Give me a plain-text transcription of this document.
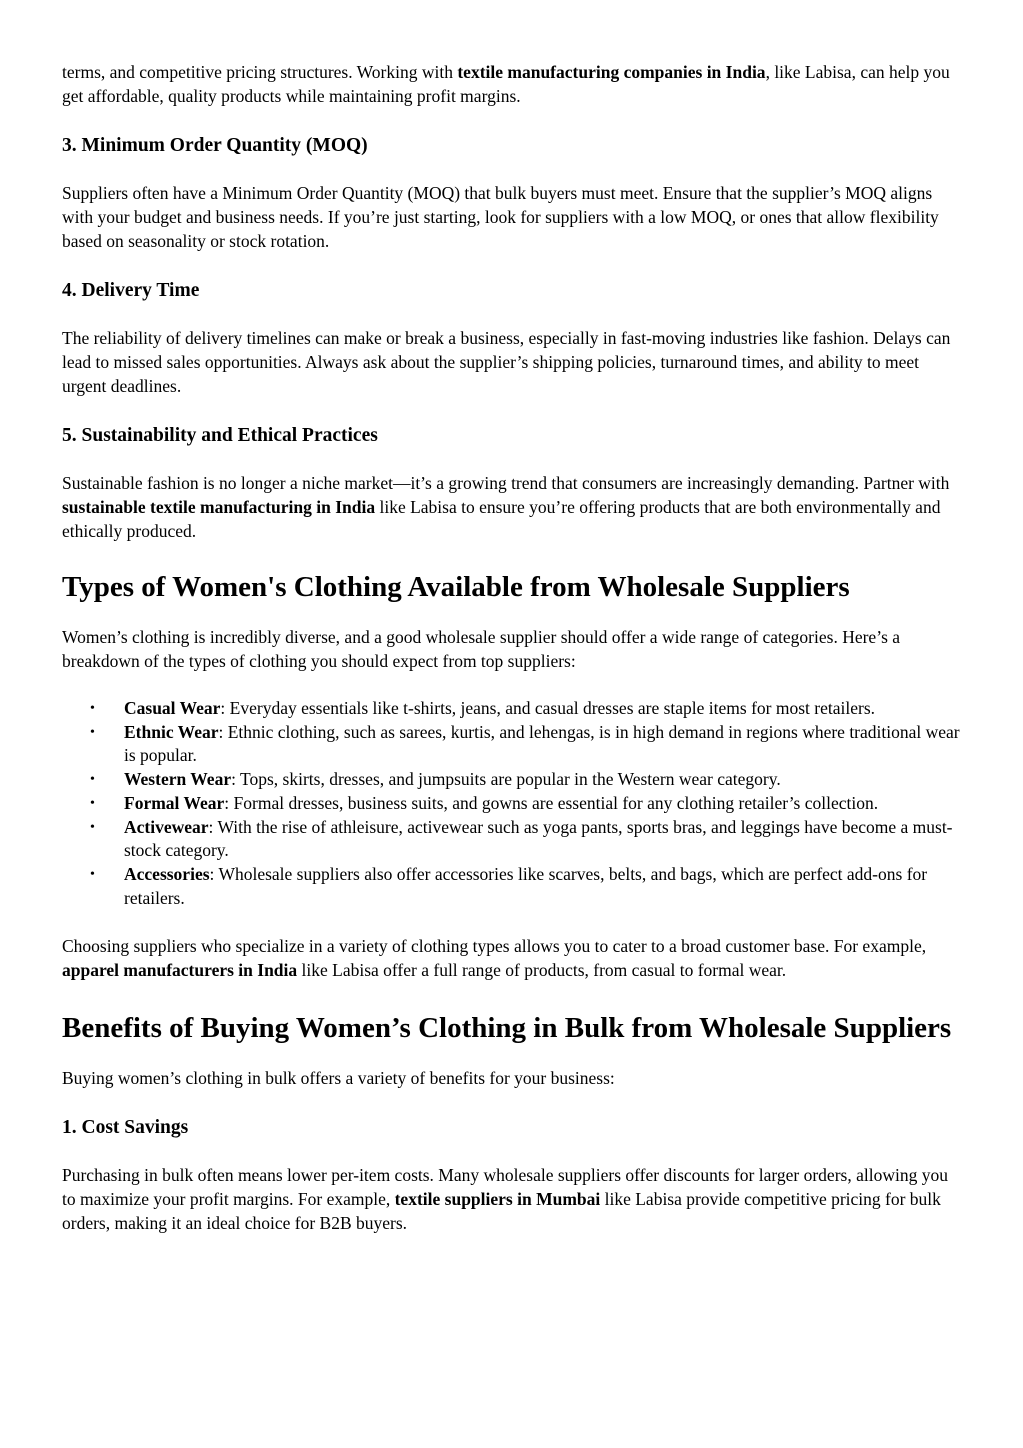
terms, and competitive pricing structures. Working with textile manufacturing companies in India, like Labisa, can help you get affordable, quality products while maintaining profit margins.

3. Minimum Order Quantity (MOQ)

Suppliers often have a Minimum Order Quantity (MOQ) that bulk buyers must meet. Ensure that the supplier’s MOQ aligns with your budget and business needs. If you’re just starting, look for suppliers with a low MOQ, or ones that allow flexibility based on seasonality or stock rotation.

4. Delivery Time

The reliability of delivery timelines can make or break a business, especially in fast-moving industries like fashion. Delays can lead to missed sales opportunities. Always ask about the supplier’s shipping policies, turnaround times, and ability to meet urgent deadlines.

5. Sustainability and Ethical Practices

Sustainable fashion is no longer a niche market—it’s a growing trend that consumers are increasingly demanding. Partner with sustainable textile manufacturing in India like Labisa to ensure you’re offering products that are both environmentally and ethically produced.

Types of Women's Clothing Available from Wholesale Suppliers

Women’s clothing is incredibly diverse, and a good wholesale supplier should offer a wide range of categories. Here’s a breakdown of the types of clothing you should expect from top suppliers:

• Casual Wear: Everyday essentials like t-shirts, jeans, and casual dresses are staple items for most retailers.
• Ethnic Wear: Ethnic clothing, such as sarees, kurtis, and lehengas, is in high demand in regions where traditional wear is popular.
• Western Wear: Tops, skirts, dresses, and jumpsuits are popular in the Western wear category.
• Formal Wear: Formal dresses, business suits, and gowns are essential for any clothing retailer’s collection.
• Activewear: With the rise of athleisure, activewear such as yoga pants, sports bras, and leggings have become a must-stock category.
• Accessories: Wholesale suppliers also offer accessories like scarves, belts, and bags, which are perfect add-ons for retailers.

Choosing suppliers who specialize in a variety of clothing types allows you to cater to a broad customer base. For example, apparel manufacturers in India like Labisa offer a full range of products, from casual to formal wear.

Benefits of Buying Women’s Clothing in Bulk from Wholesale Suppliers

Buying women’s clothing in bulk offers a variety of benefits for your business:

1. Cost Savings

Purchasing in bulk often means lower per-item costs. Many wholesale suppliers offer discounts for larger orders, allowing you to maximize your profit margins. For example, textile suppliers in Mumbai like Labisa provide competitive pricing for bulk orders, making it an ideal choice for B2B buyers.
